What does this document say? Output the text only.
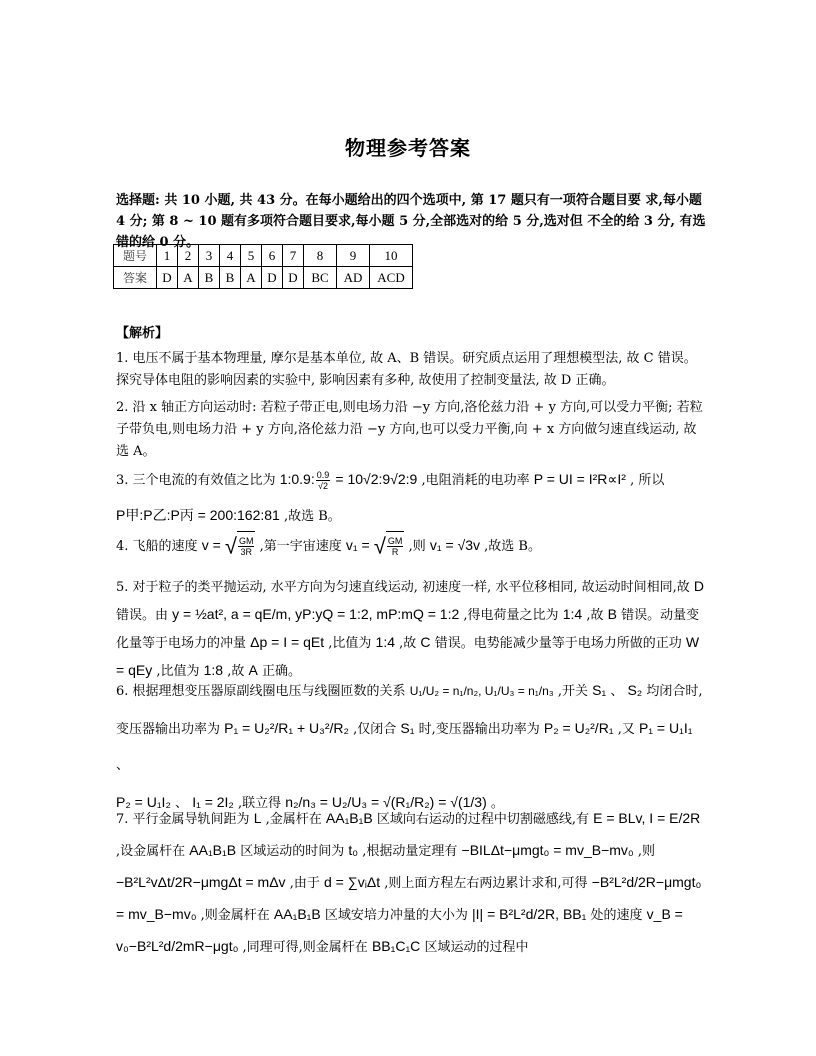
物理参考答案
选择题: 共 10 小题, 共 43 分。在每小题给出的四个选项中, 第 17 题只有一项符合题目要 求,每小题 4 分; 第 8 ~ 10 题有多项符合题目要求,每小题 5 分,全部选对的给 5 分,选对但 不全的给 3 分, 有选错的给 0 分。
题号	1	2	3	4	5	6	7	8	9	10
答案	D	A	B	B	A	D	D	BC	AD	ACD
【解析】
1. 电压不属于基本物理量, 摩尔是基本单位, 故 A、B 错误。研究质点运用了理想模型法, 故 C 错误。探究导体电阻的影响因素的实验中, 影响因素有多种, 故使用了控制变量法, 故 D 正确。
2. 沿 x 轴正方向运动时: 若粒子带正电,则电场力沿 −y 方向,洛伦兹力沿 + y 方向,可以受力平衡; 若粒子带负电,则电场力沿 + y 方向,洛伦兹力沿 −y 方向,也可以受力平衡,向 + x 方向做匀速直线运动, 故选 A。
3. 三个电流的有效值之比为 1:0.9: $\frac{0.9}{√2}$ = 10√2:9√2:9 ,电阻消耗的电功率 P = UI = I²R∝I² , 所以
P甲:P乙:P丙 = 200:162:81 ,故选 B。
4. 飞船的速度 v = √ $\frac{GM}{3R}$ ,第一宇宙速度 v₁ = √ $\frac{GM}{R}$ ,则 v₁ = √3v ,故选 B。
5. 对于粒子的类平抛运动, 水平方向为匀速直线运动, 初速度一样, 水平位移相同, 故运动时间相同,故 D 错误。由 y = ½at², a = qE/m, yP:yQ = 1:2, mP:mQ = 1:2 ,得电荷量之比为 1:4 ,故 B 错误。动量变化量等于电场力的冲量 Δp = I = qEt ,比值为 1:4 ,故 C 错误。电势能减少量等于电场力所做的正功 W = qEy ,比值为 1:8 ,故 A 正确。
6. 根据理想变压器原副线圈电压与线圈匝数的关系 U₁/U₂ = n₁/n₂, U₁/U₃ = n₁/n₃ ,开关 S₁ 、 S₂ 均闭合时,变压器输出功率为 P₁ = U₂²/R₁ + U₃²/R₂ ,仅闭合 S₁ 时,变压器输出功率为 P₂ = U₂²/R₁ ,又 P₁ = U₁I₁ 、
P₂ = U₁I₂ 、 I₁ = 2I₂ ,联立得 n₂/n₃ = U₂/U₃ = √(R₁/R₂) = √(1/3) 。
7. 平行金属导轨间距为 L ,金属杆在 AA₁B₁B 区域向右运动的过程中切割磁感线,有 E = BLv, I = E/2R ,设金属杆在 AA₁B₁B 区域运动的时间为 t₀ ,根据动量定理有 −BILΔt−μmgt₀ = mv_B−mv₀ ,则 −B²L²vΔt/2R−μmgΔt = mΔv ,由于 d = ∑vᵢΔt ,则上面方程左右两边累计求和,可得 −B²L²d/2R−μmgt₀ = mv_B−mv₀ ,则金属杆在 AA₁B₁B 区域安培力冲量的大小为 |I| = B²L²d/2R, BB₁ 处的速度 v_B = v₀−B²L²d/2mR−μgt₀ ,同理可得,则金属杆在 BB₁C₁C 区域运动的过程中
